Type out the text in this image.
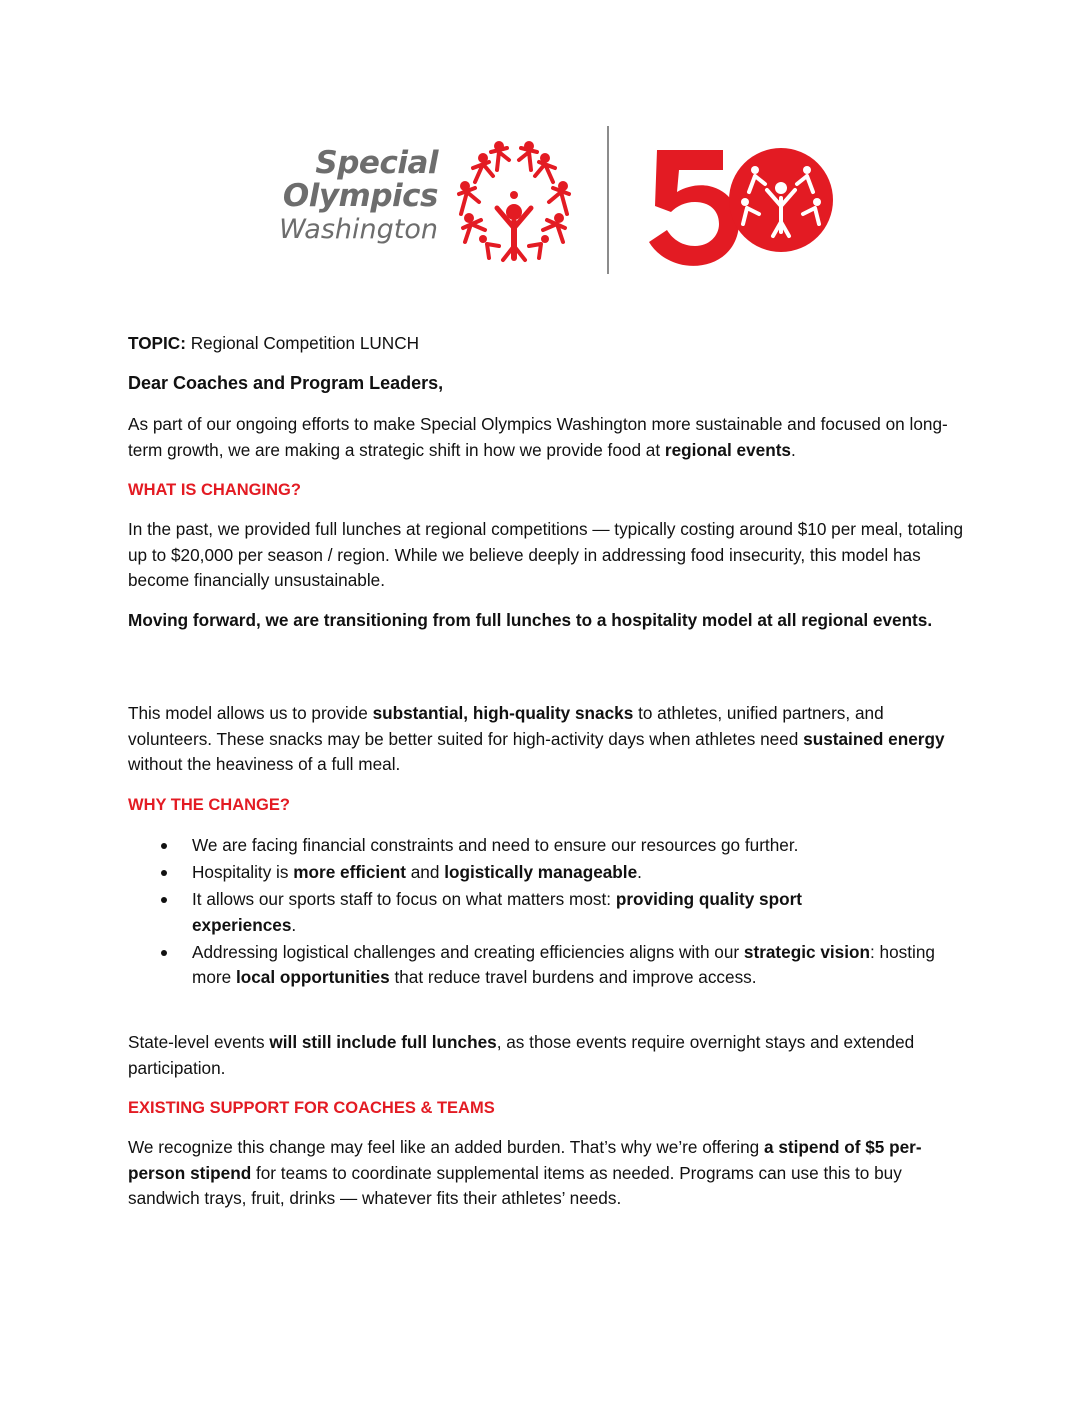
Special
Olympics
Washington
50

TOPIC: Regional Competition LUNCH

Dear Coaches and Program Leaders,

As part of our ongoing efforts to make Special Olympics Washington more sustainable and focused on long-term growth, we are making a strategic shift in how we provide food at regional events.

WHAT IS CHANGING?

In the past, we provided full lunches at regional competitions — typically costing around $10 per meal, totaling up to $20,000 per season / region. While we believe deeply in addressing food insecurity, this model has become financially unsustainable.

Moving forward, we are transitioning from full lunches to a hospitality model at all regional events.

This model allows us to provide substantial, high-quality snacks to athletes, unified partners, and volunteers. These snacks may be better suited for high-activity days when athletes need sustained energy without the heaviness of a full meal.

WHY THE CHANGE?

We are facing financial constraints and need to ensure our resources go further.
Hospitality is more efficient and logistically manageable.
It allows our sports staff to focus on what matters most: providing quality sport experiences.
Addressing logistical challenges and creating efficiencies aligns with our strategic vision: hosting more local opportunities that reduce travel burdens and improve access.

State-level events will still include full lunches, as those events require overnight stays and extended participation.

EXISTING SUPPORT FOR COACHES & TEAMS

We recognize this change may feel like an added burden. That’s why we’re offering a stipend of $5 per-person stipend for teams to coordinate supplemental items as needed. Programs can use this to buy sandwich trays, fruit, drinks — whatever fits their athletes’ needs.
